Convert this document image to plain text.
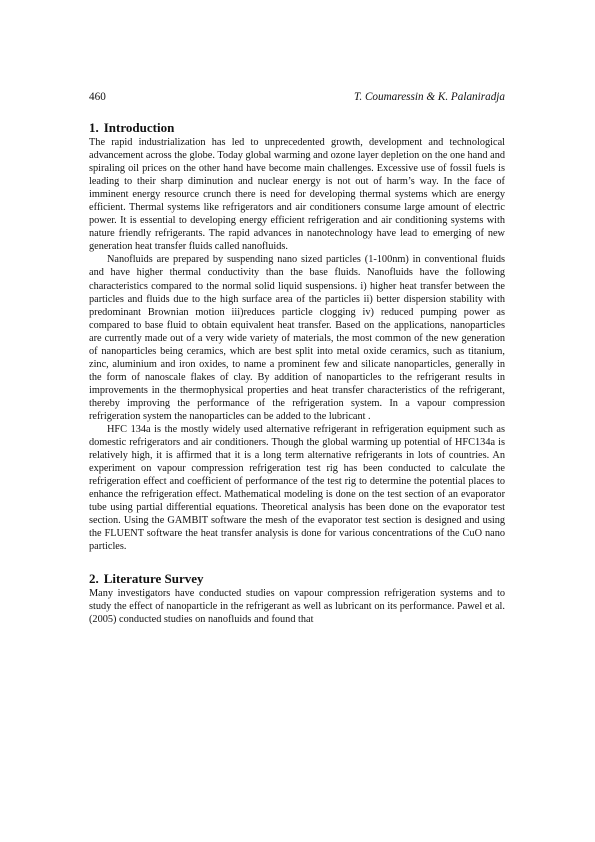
460	T. Coumaressin & K. Palaniradja
1. Introduction

The rapid industrialization has led to unprecedented growth, development and technological advancement across the globe. Today global warming and ozone layer depletion on the one hand and spiraling oil prices on the other hand have become main challenges. Excessive use of fossil fuels is leading to their sharp diminution and nuclear energy is not out of harm’s way. In the face of imminent energy resource crunch there is need for developing thermal systems which are energy efficient. Thermal systems like refrigerators and air conditioners consume large amount of electric power. It is essential to developing energy efficient refrigeration and air conditioning systems with nature friendly refrigerants. The rapid advances in nanotechnology have lead to emerging of new generation heat transfer fluids called nanofluids.

Nanofluids are prepared by suspending nano sized particles (1-100nm) in conventional fluids and have higher thermal conductivity than the base fluids. Nanofluids have the following characteristics compared to the normal solid liquid suspensions. i) higher heat transfer between the particles and fluids due to the high surface area of the particles ii) better dispersion stability with predominant Brownian motion iii)reduces particle clogging iv) reduced pumping power as compared to base fluid to obtain equivalent heat transfer. Based on the applications, nanoparticles are currently made out of a very wide variety of materials, the most common of the new generation of nanoparticles being ceramics, which are best split into metal oxide ceramics, such as titanium, zinc, aluminium and iron oxides, to name a prominent few and silicate nanoparticles, generally in the form of nanoscale flakes of clay. By addition of nanoparticles to the refrigerant results in improvements in the thermophysical properties and heat transfer characteristics of the refrigerant, thereby improving the performance of the refrigeration system. In a vapour compression refrigeration system the nanoparticles can be added to the lubricant .

HFC 134a is the mostly widely used alternative refrigerant in refrigeration equipment such as domestic refrigerators and air conditioners. Though the global warming up potential of HFC134a is relatively high, it is affirmed that it is a long term alternative refrigerants in lots of countries. An experiment on vapour compression refrigeration test rig has been conducted to calculate the refrigeration effect and coefficient of performance of the test rig to determine the potential places to enhance the refrigeration effect. Mathematical modeling is done on the test section of an evaporator tube using partial differential equations. Theoretical analysis has been done on the evaporator test section. Using the GAMBIT software the mesh of the evaporator test section is designed and using the FLUENT software the heat transfer analysis is done for various concentrations of the CuO nano particles.

2. Literature Survey

Many investigators have conducted studies on vapour compression refrigeration systems and to study the effect of nanoparticle in the refrigerant as well as lubricant on its performance. Pawel et al. (2005) conducted studies on nanofluids and found that
